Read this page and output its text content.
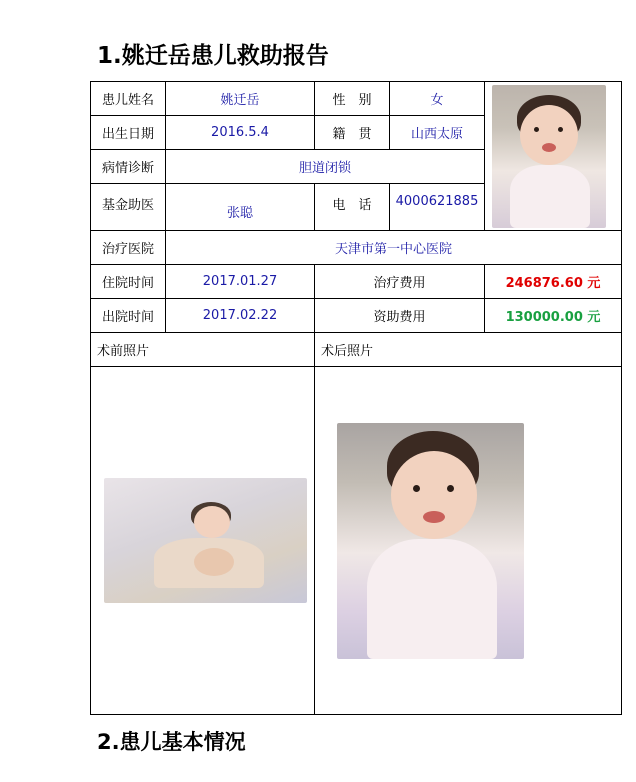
1.姚迁岳患儿救助报告
患儿姓名	姚迁岳	性　别	女	

出生日期	2016.5.4	籍　贯	山西太原	
病情诊断	胆道闭锁			
基金助医	张聪	电　话	4000621885	
治疗医院	天津市第一中心医院			
住院时间	2017.01.27	治疗费用		246876.60 元
出院时间	2017.02.22	资助费用		130000.00 元
术前照片		术后照片		

2.患儿基本情况
